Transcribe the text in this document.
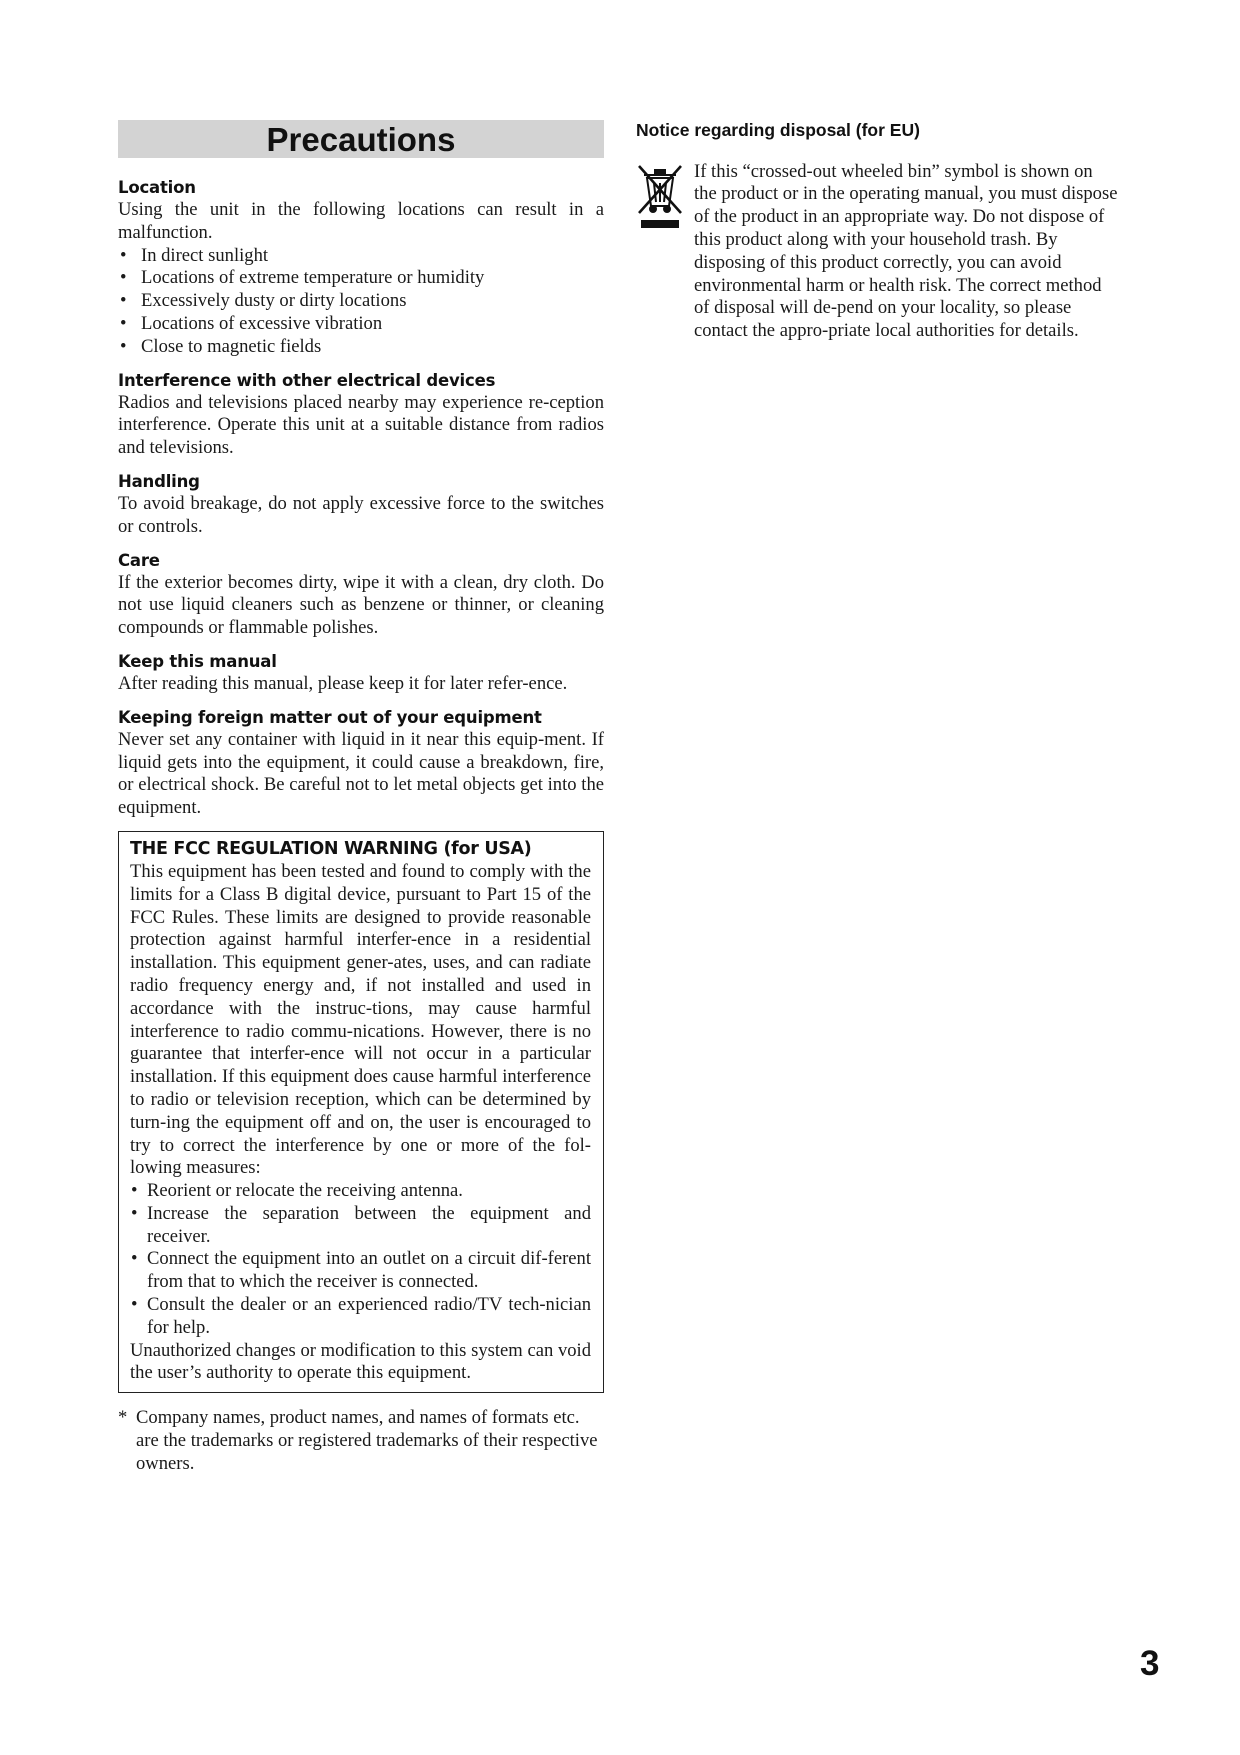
Precautions
Location

Using the unit in the following locations can result in a malfunction.

• In direct sunlight
• Locations of extreme temperature or humidity
• Excessively dusty or dirty locations
• Locations of excessive vibration
• Close to magnetic fields
Interference with other electrical devices

Radios and televisions placed nearby may experience re-ception interference. Operate this unit at a suitable distance from radios and televisions.

Handling

To avoid breakage, do not apply excessive force to the switches or controls.

Care

If the exterior becomes dirty, wipe it with a clean, dry cloth. Do not use liquid cleaners such as benzene or thinner, or cleaning compounds or flammable polishes.

Keep this manual

After reading this manual, please keep it for later refer-ence.

Keeping foreign matter out of your equipment

Never set any container with liquid in it near this equip-ment. If liquid gets into the equipment, it could cause a breakdown, fire, or electrical shock. Be careful not to let metal objects get into the equipment.

THE FCC REGULATION WARNING (for USA)

This equipment has been tested and found to comply with the limits for a Class B digital device, pursuant to Part 15 of the FCC Rules. These limits are designed to provide reasonable protection against harmful interfer-ence in a residential installation. This equipment gener-ates, uses, and can radiate radio frequency energy and, if not installed and used in accordance with the instruc-tions, may cause harmful interference to radio commu-nications. However, there is no guarantee that interfer-ence will not occur in a particular installation. If this equipment does cause harmful interference to radio or television reception, which can be determined by turn-ing the equipment off and on, the user is encouraged to try to correct the interference by one or more of the fol-lowing measures:

• Reorient or relocate the receiving antenna.
• Increase the separation between the equipment and receiver.
• Connect the equipment into an outlet on a circuit dif-ferent from that to which the receiver is connected.
• Consult the dealer or an experienced radio/TV tech-nician for help.

Unauthorized changes or modification to this system can void the user’s authority to operate this equipment.

* Company names, product names, and names of formats etc. are the trademarks or registered trademarks of their respective owners.

Notice regarding disposal (for EU)

If this “crossed-out wheeled bin” symbol is shown on the product or in the operating manual, you must dispose of the product in an appropriate way. Do not dispose of this product along with your household trash. By disposing of this product correctly, you can avoid environmental harm or health risk. The correct method of disposal will de-pend on your locality, so please contact the appro-priate local authorities for details.

3
